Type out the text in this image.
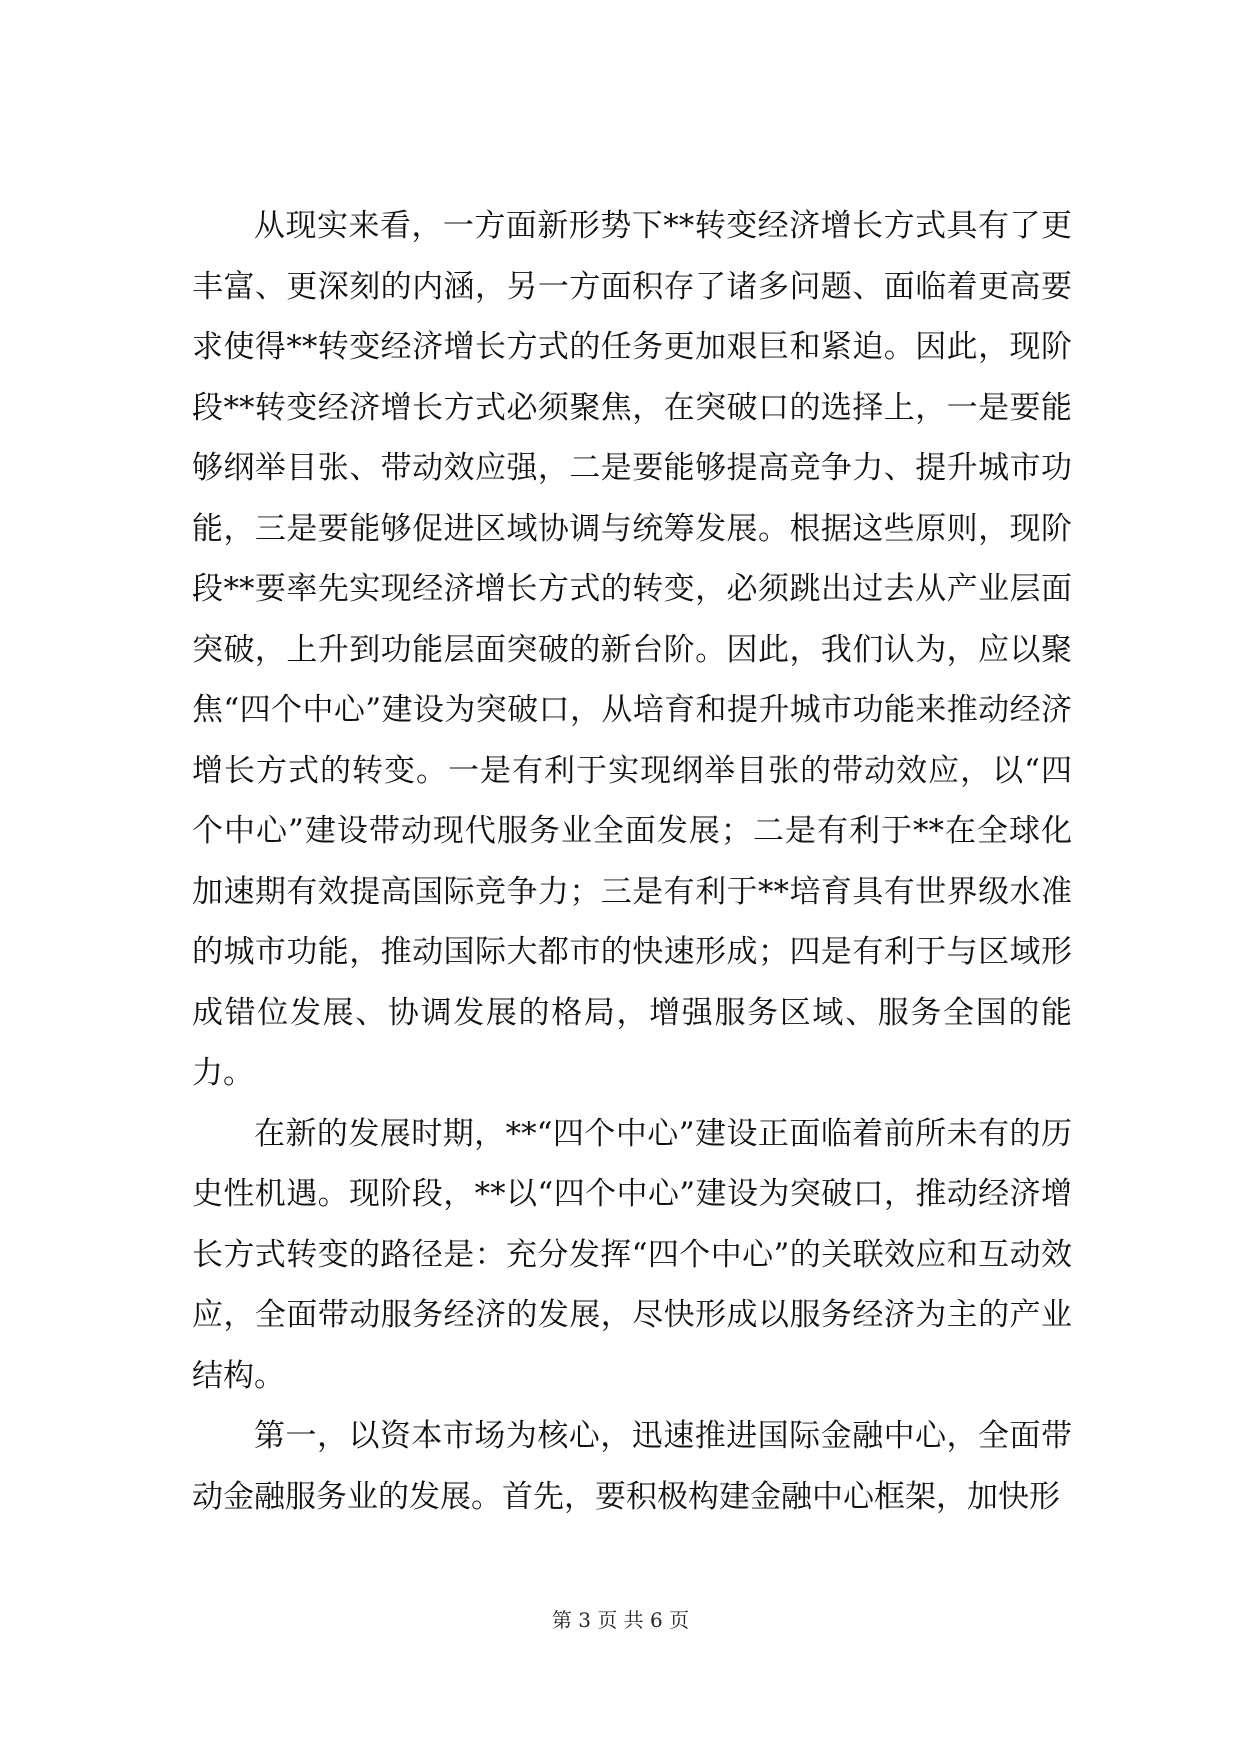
从现实来看，一方面新形势下**转变经济增长方式具有了更丰富、更深刻的内涵，另一方面积存了诸多问题、面临着更高要求使得**转变经济增长方式的任务更加艰巨和紧迫。因此，现阶段**转变经济增长方式必须聚焦，在突破口的选择上，一是要能够纲举目张、带动效应强，二是要能够提高竞争力、提升城市功能，三是要能够促进区域协调与统筹发展。根据这些原则，现阶段**要率先实现经济增长方式的转变，必须跳出过去从产业层面突破，上升到功能层面突破的新台阶。因此，我们认为，应以聚焦“四个中心”建设为突破口，从培育和提升城市功能来推动经济增长方式的转变。一是有利于实现纲举目张的带动效应，以“四个中心”建设带动现代服务业全面发展；二是有利于**在全球化加速期有效提高国际竞争力；三是有利于**培育具有世界级水准的城市功能，推动国际大都市的快速形成；四是有利于与区域形成错位发展、协调发展的格局，增强服务区域、服务全国的能力。

在新的发展时期，**“四个中心”建设正面临着前所未有的历史性机遇。现阶段，**以“四个中心”建设为突破口，推动经济增长方式转变的路径是：充分发挥“四个中心”的关联效应和互动效应，全面带动服务经济的发展，尽快形成以服务经济为主的产业结构。

第一，以资本市场为核心，迅速推进国际金融中心，全面带动金融服务业的发展。首先，要积极构建金融中心框架，加快形

第 3 页 共 6 页
